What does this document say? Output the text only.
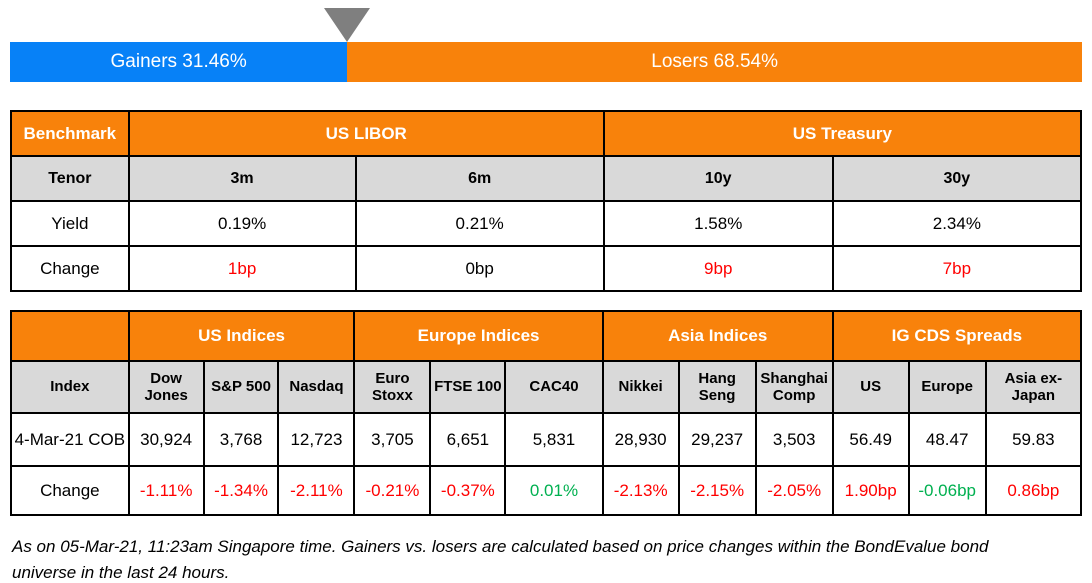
Gainers 31.46%	Losers 68.54%
Benchmark	US LIBOR		US Treasury	
Tenor	3m	6m	10y	30y
Yield	0.19%	0.21%	1.58%	2.34%
Change	1bp	0bp	9bp	7bp
	US Indices			Europe Indices			Asia Indices			IG CDS Spreads		
Index	Dow Jones	S&P 500	Nasdaq	Euro Stoxx	FTSE 100	CAC40	Nikkei	Hang Seng	Shanghai Comp	US	Europe	Asia ex-Japan
4-Mar-21 COB	30,924	3,768	12,723	3,705	6,651	5,831	28,930	29,237	3,503	56.49	48.47	59.83
Change	-1.11%	-1.34%	-2.11%	-0.21%	-0.37%	0.01%	-2.13%	-2.15%	-2.05%	1.90bp	-0.06bp	0.86bp

As on 05-Mar-21, 11:23am Singapore time. Gainers vs. losers are calculated based on price changes within the BondEvalue bond universe in the last 24 hours.
